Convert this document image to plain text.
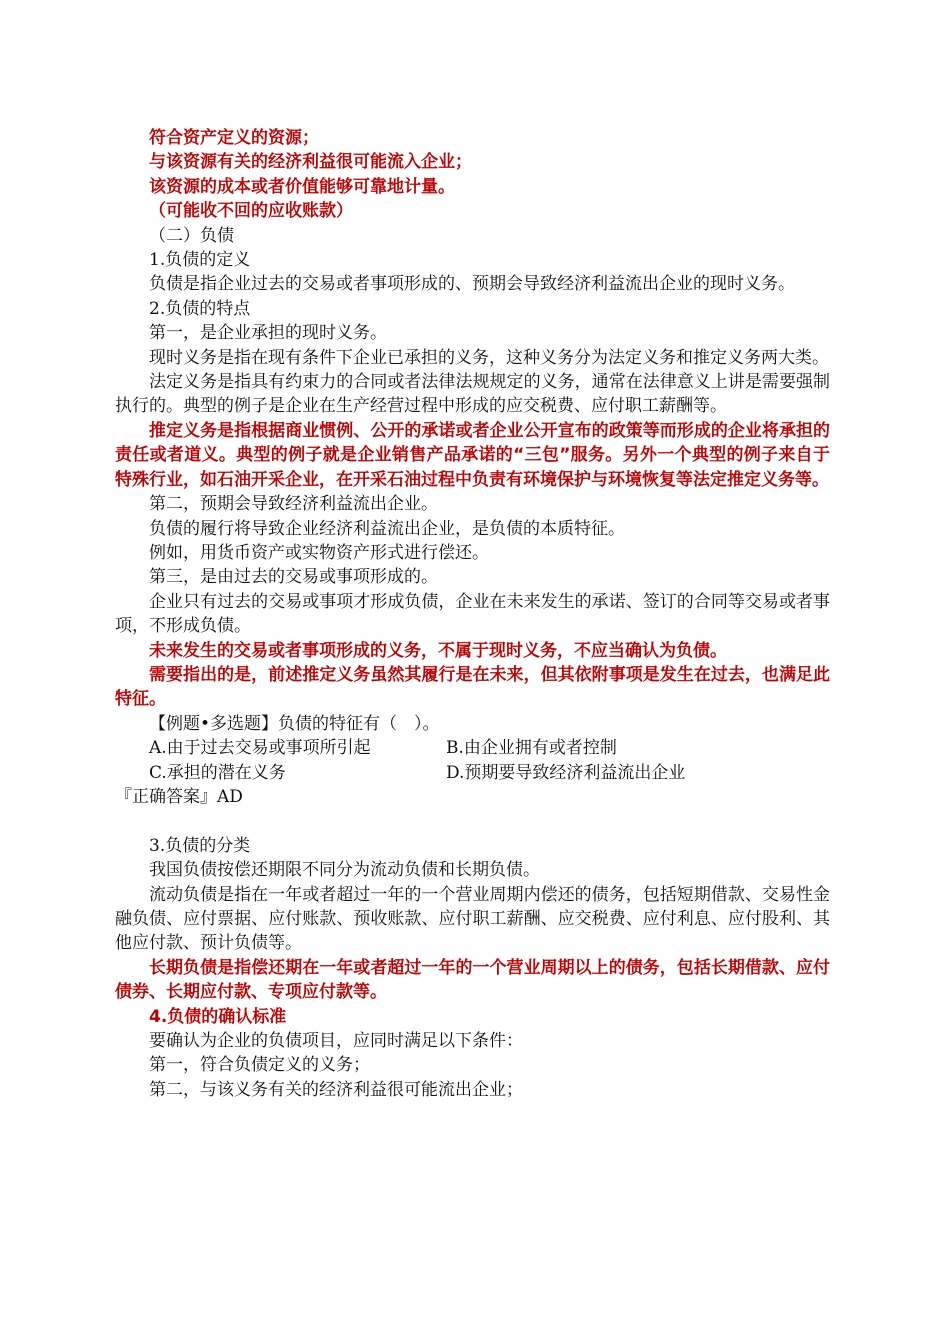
符合资产定义的资源；

与该资源有关的经济利益很可能流入企业；

该资源的成本或者价值能够可靠地计量。

（可能收不回的应收账款）

（二）负债

1.负债的定义

负债是指企业过去的交易或者事项形成的、预期会导致经济利益流出企业的现时义务。

2.负债的特点

第一，是企业承担的现时义务。

现时义务是指在现有条件下企业已承担的义务，这种义务分为法定义务和推定义务两大类。

法定义务是指具有约束力的合同或者法律法规规定的义务，通常在法律意义上讲是需要强制执行的。典型的例子是企业在生产经营过程中形成的应交税费、应付职工薪酬等。

推定义务是指根据商业惯例、公开的承诺或者企业公开宣布的政策等而形成的企业将承担的责任或者道义。典型的例子就是企业销售产品承诺的“三包”服务。另外一个典型的例子来自于特殊行业，如石油开采企业，在开采石油过程中负责有环境保护与环境恢复等法定推定义务等。

第二，预期会导致经济利益流出企业。

负债的履行将导致企业经济利益流出企业，是负债的本质特征。

例如，用货币资产或实物资产形式进行偿还。

第三，是由过去的交易或事项形成的。

企业只有过去的交易或事项才形成负债，企业在未来发生的承诺、签订的合同等交易或者事项，不形成负债。

未来发生的交易或者事项形成的义务，不属于现时义务，不应当确认为负债。

需要指出的是，前述推定义务虽然其履行是在未来，但其依附事项是发生在过去，也满足此特征。

【例题•多选题】负债的特征有（　）。

A.由于过去交易或事项所引起	B.由企业拥有或者控制
C.承担的潜在义务	D.预期要导致经济利益流出企业

『正确答案』AD

3.负债的分类

我国负债按偿还期限不同分为流动负债和长期负债。

流动负债是指在一年或者超过一年的一个营业周期内偿还的债务，包括短期借款、交易性金融负债、应付票据、应付账款、预收账款、应付职工薪酬、应交税费、应付利息、应付股利、其他应付款、预计负债等。

长期负债是指偿还期在一年或者超过一年的一个营业周期以上的债务，包括长期借款、应付债券、长期应付款、专项应付款等。

4.负债的确认标准

要确认为企业的负债项目，应同时满足以下条件：

第一，符合负债定义的义务；

第二，与该义务有关的经济利益很可能流出企业；
